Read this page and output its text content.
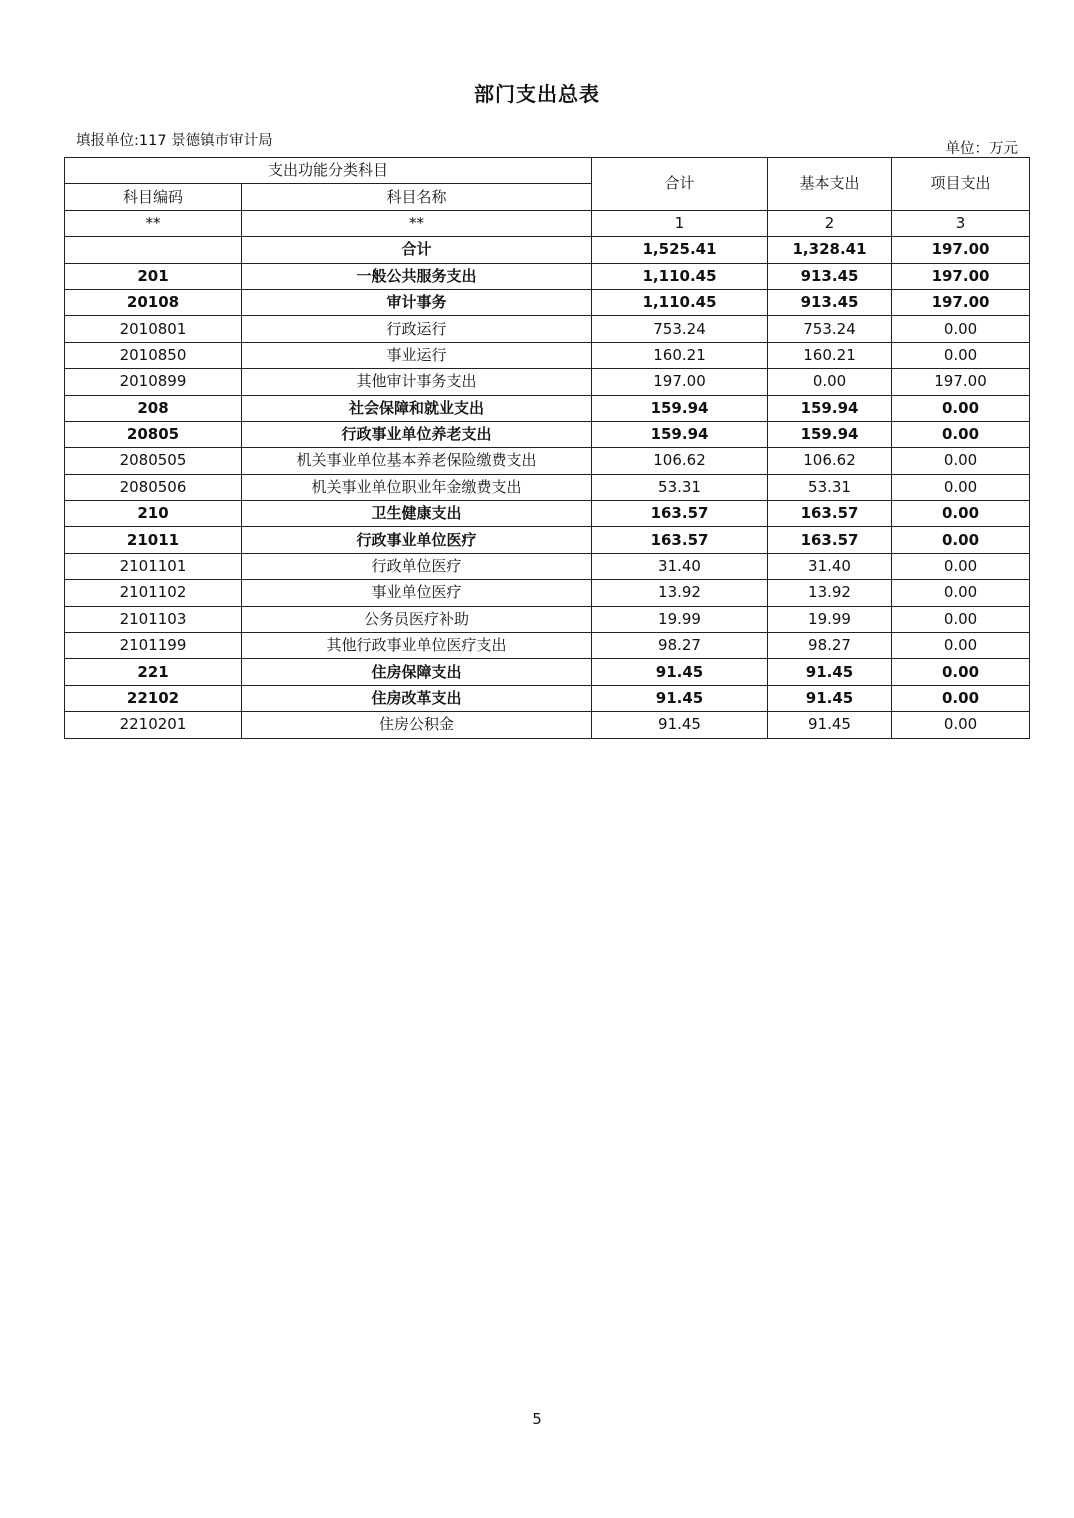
部门支出总表
填报单位:117 景德镇市审计局	单位：万元
支出功能分类科目		合计	基本支出	项目支出
科目编码	科目名称			
**	**	1	2	3
	合计	1,525.41	1,328.41	197.00
201	一般公共服务支出	1,110.45	913.45	197.00
20108	审计事务	1,110.45	913.45	197.00
2010801	行政运行	753.24	753.24	0.00
2010850	事业运行	160.21	160.21	0.00
2010899	其他审计事务支出	197.00	0.00	197.00
208	社会保障和就业支出	159.94	159.94	0.00
20805	行政事业单位养老支出	159.94	159.94	0.00
2080505	机关事业单位基本养老保险缴费支出	106.62	106.62	0.00
2080506	机关事业单位职业年金缴费支出	53.31	53.31	0.00
210	卫生健康支出	163.57	163.57	0.00
21011	行政事业单位医疗	163.57	163.57	0.00
2101101	行政单位医疗	31.40	31.40	0.00
2101102	事业单位医疗	13.92	13.92	0.00
2101103	公务员医疗补助	19.99	19.99	0.00
2101199	其他行政事业单位医疗支出	98.27	98.27	0.00
221	住房保障支出	91.45	91.45	0.00
22102	住房改革支出	91.45	91.45	0.00
2210201	住房公积金	91.45	91.45	0.00
5
